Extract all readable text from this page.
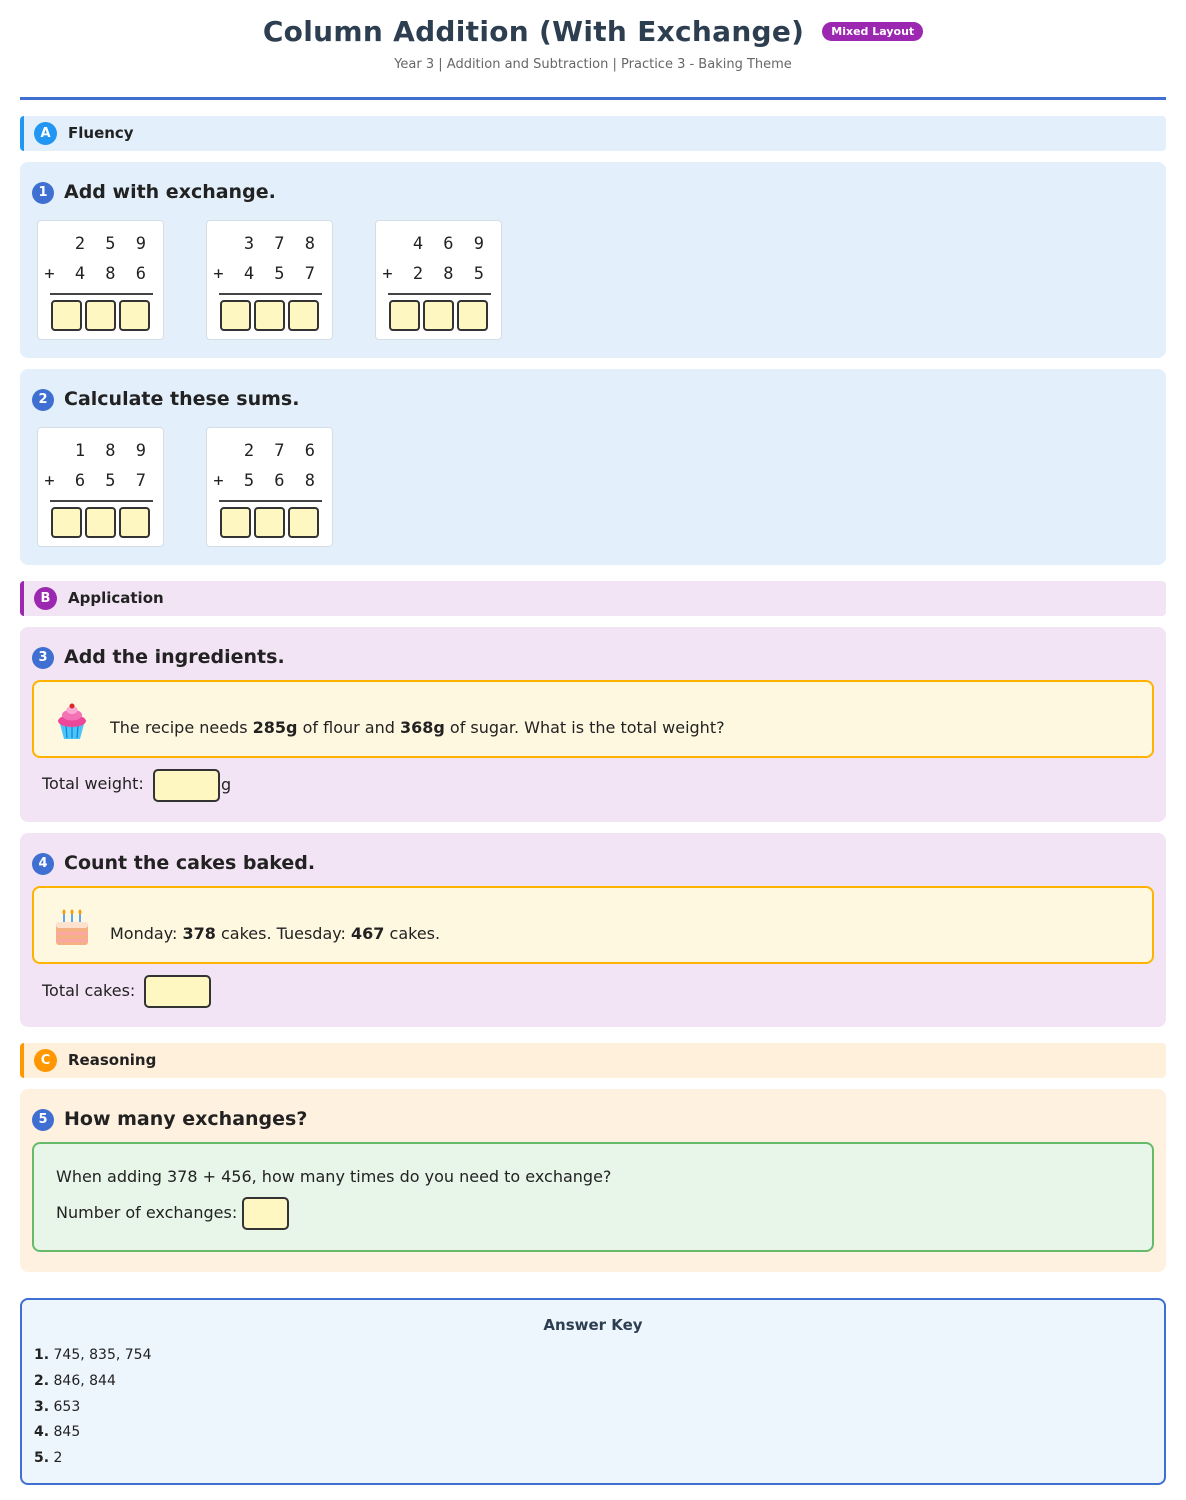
Column Addition (With Exchange) Mixed Layout
Year 3 | Addition and Subtraction | Practice 3 - Baking Theme
A	Fluency
1 Add with exchange.
2 5 9
+ 4 8 6
3 7 8
+ 4 5 7
4 6 9
+ 2 8 5
2 Calculate these sums.
1 8 9
+ 6 5 7
2 7 6
+ 5 6 8
B	Application
3 Add the ingredients.
The recipe needs 285g of flour and 368g of sugar. What is the total weight?
Total weight:	g
4 Count the cakes baked.
Monday: 378 cakes. Tuesday: 467 cakes.
Total cakes:
C	Reasoning
5 How many exchanges?
When adding 378 + 456, how many times do you need to exchange?
Number of exchanges:
Answer Key
1. 745, 835, 754
2. 846, 844
3. 653
4. 845
5. 2
